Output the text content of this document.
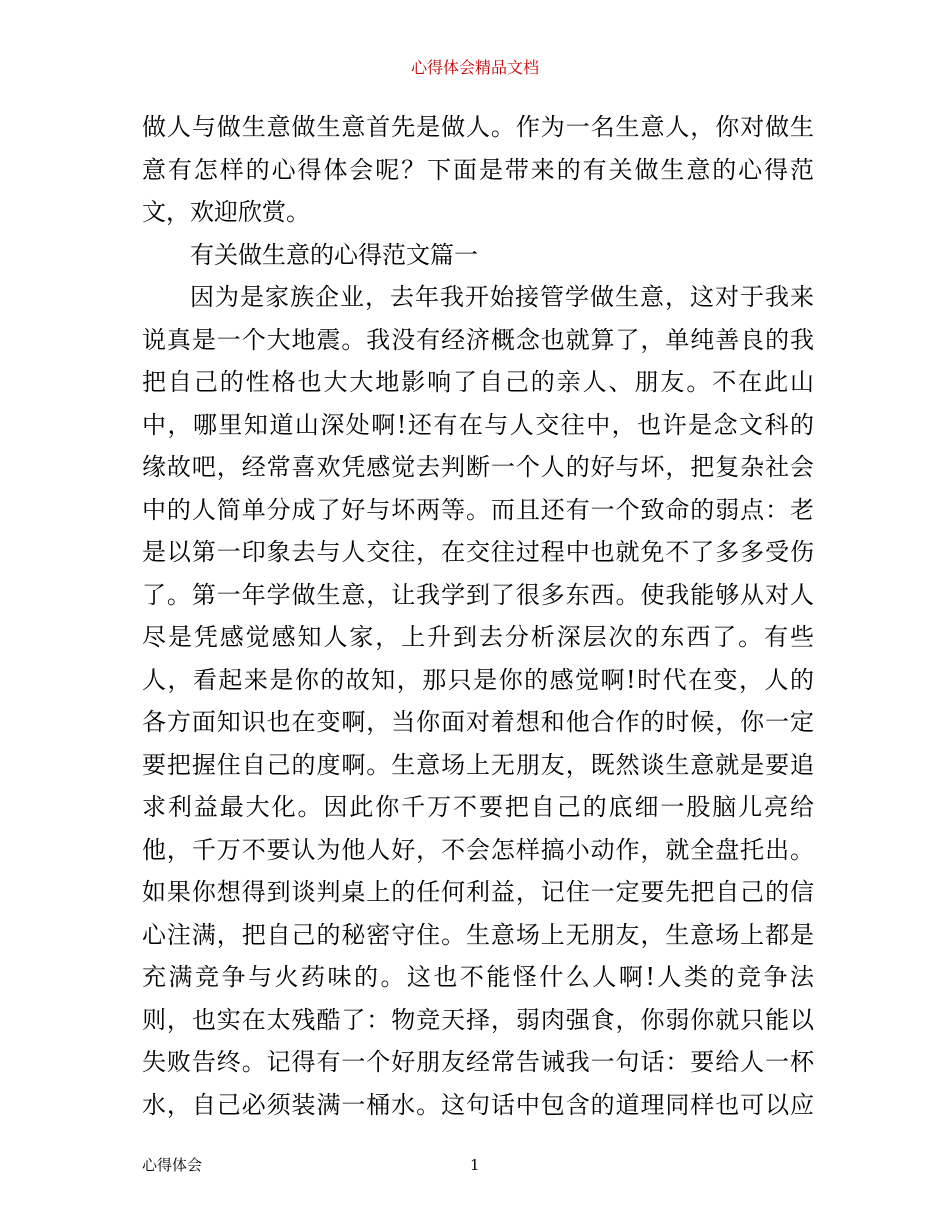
心得体会精品文档
做人与做生意做生意首先是做人。作为一名生意人，你对做生
意有怎样的心得体会呢？下面是带来的有关做生意的心得范
文，欢迎欣赏。
有关做生意的心得范文篇一
因为是家族企业，去年我开始接管学做生意，这对于我来
说真是一个大地震。我没有经济概念也就算了，单纯善良的我
把自己的性格也大大地影响了自己的亲人、朋友。不在此山
中，哪里知道山深处啊!还有在与人交往中，也许是念文科的
缘故吧，经常喜欢凭感觉去判断一个人的好与坏，把复杂社会
中的人简单分成了好与坏两等。而且还有一个致命的弱点：老
是以第一印象去与人交往，在交往过程中也就免不了多多受伤
了。第一年学做生意，让我学到了很多东西。使我能够从对人
尽是凭感觉感知人家，上升到去分析深层次的东西了。有些
人，看起来是你的故知，那只是你的感觉啊!时代在变，人的
各方面知识也在变啊，当你面对着想和他合作的时候，你一定
要把握住自己的度啊。生意场上无朋友，既然谈生意就是要追
求利益最大化。因此你千万不要把自己的底细一股脑儿亮给
他，千万不要认为他人好，不会怎样搞小动作，就全盘托出。
如果你想得到谈判桌上的任何利益，记住一定要先把自己的信
心注满，把自己的秘密守住。生意场上无朋友，生意场上都是
充满竞争与火药味的。这也不能怪什么人啊!人类的竞争法
则，也实在太残酷了：物竞天择，弱肉强食，你弱你就只能以
失败告终。记得有一个好朋友经常告诫我一句话：要给人一杯
水，自己必须装满一桶水。这句话中包含的道理同样也可以应
心得体会	1
